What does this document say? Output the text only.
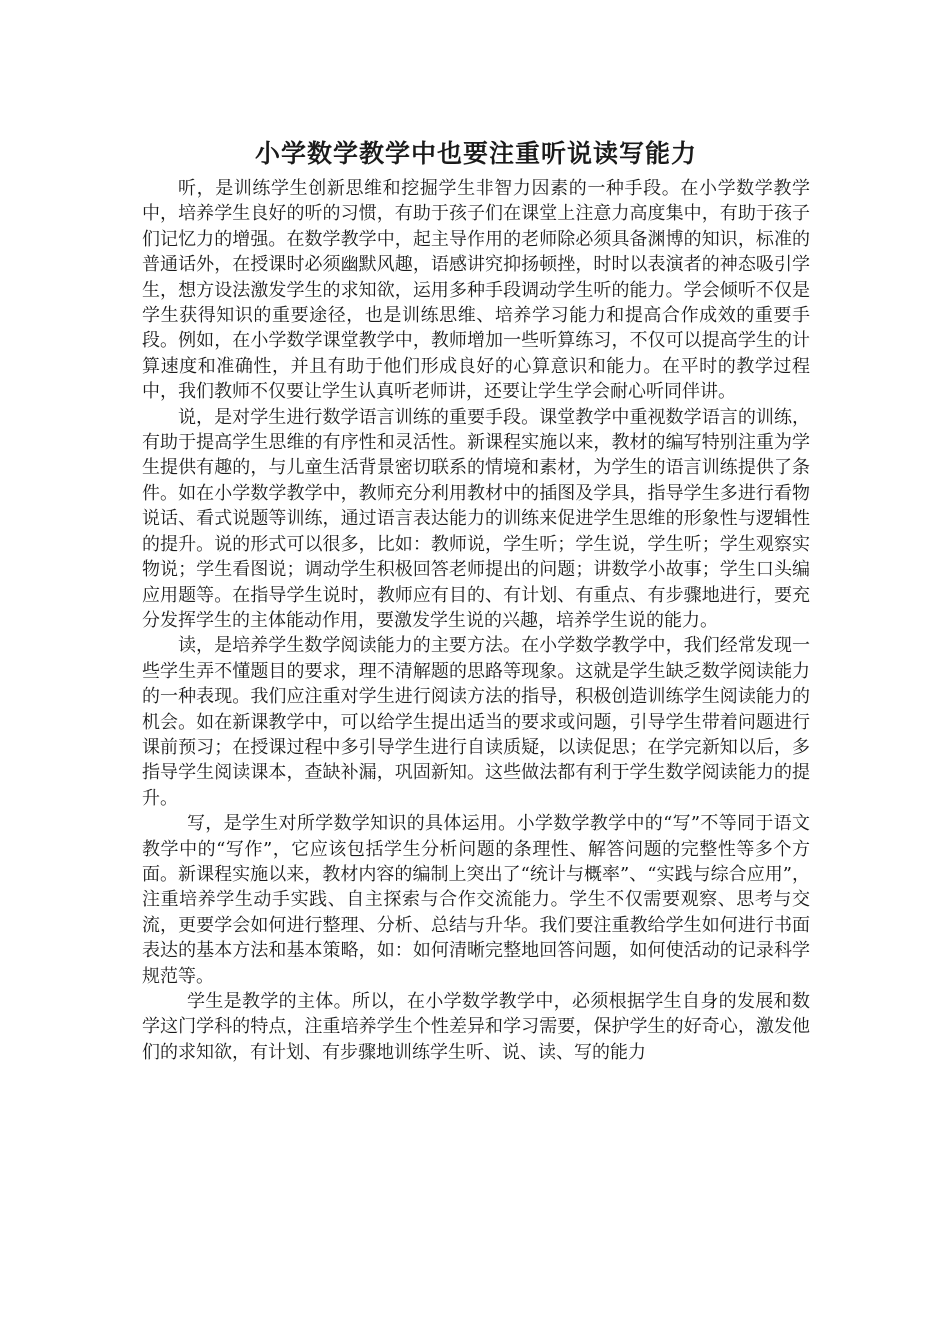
小学数学教学中也要注重听说读写能力

听，是训练学生创新思维和挖掘学生非智力因素的一种手段。在小学数学教学中，培养学生良好的听的习惯，有助于孩子们在课堂上注意力高度集中，有助于孩子们记忆力的增强。在数学教学中，起主导作用的老师除必须具备渊博的知识，标准的普通话外，在授课时必须幽默风趣，语感讲究抑扬顿挫，时时以表演者的神态吸引学生，想方设法激发学生的求知欲，运用多种手段调动学生听的能力。学会倾听不仅是学生获得知识的重要途径，也是训练思维、培养学习能力和提高合作成效的重要手段。例如，在小学数学课堂教学中，教师增加一些听算练习，不仅可以提高学生的计算速度和准确性，并且有助于他们形成良好的心算意识和能力。在平时的教学过程中，我们教师不仅要让学生认真听老师讲，还要让学生学会耐心听同伴讲。

说，是对学生进行数学语言训练的重要手段。课堂教学中重视数学语言的训练，有助于提高学生思维的有序性和灵活性。新课程实施以来，教材的编写特别注重为学生提供有趣的，与儿童生活背景密切联系的情境和素材，为学生的语言训练提供了条件。如在小学数学教学中，教师充分利用教材中的插图及学具，指导学生多进行看物说话、看式说题等训练，通过语言表达能力的训练来促进学生思维的形象性与逻辑性的提升。说的形式可以很多，比如：教师说，学生听；学生说，学生听；学生观察实物说；学生看图说；调动学生积极回答老师提出的问题；讲数学小故事；学生口头编应用题等。在指导学生说时，教师应有目的、有计划、有重点、有步骤地进行，要充分发挥学生的主体能动作用，要激发学生说的兴趣，培养学生说的能力。

读，是培养学生数学阅读能力的主要方法。在小学数学教学中，我们经常发现一些学生弄不懂题目的要求，理不清解题的思路等现象。这就是学生缺乏数学阅读能力的一种表现。我们应注重对学生进行阅读方法的指导，积极创造训练学生阅读能力的机会。如在新课教学中，可以给学生提出适当的要求或问题，引导学生带着问题进行课前预习；在授课过程中多引导学生进行自读质疑，以读促思；在学完新知以后，多指导学生阅读课本，查缺补漏，巩固新知。这些做法都有利于学生数学阅读能力的提升。

写，是学生对所学数学知识的具体运用。小学数学教学中的“写”不等同于语文教学中的“写作”，它应该包括学生分析问题的条理性、解答问题的完整性等多个方面。新课程实施以来，教材内容的编制上突出了“统计与概率”、“实践与综合应用”，注重培养学生动手实践、自主探索与合作交流能力。学生不仅需要观察、思考与交流，更要学会如何进行整理、分析、总结与升华。我们要注重教给学生如何进行书面表达的基本方法和基本策略，如：如何清晰完整地回答问题，如何使活动的记录科学规范等。

学生是教学的主体。所以，在小学数学教学中，必须根据学生自身的发展和数学这门学科的特点，注重培养学生个性差异和学习需要，保护学生的好奇心，激发他们的求知欲，有计划、有步骤地训练学生听、说、读、写的能力
